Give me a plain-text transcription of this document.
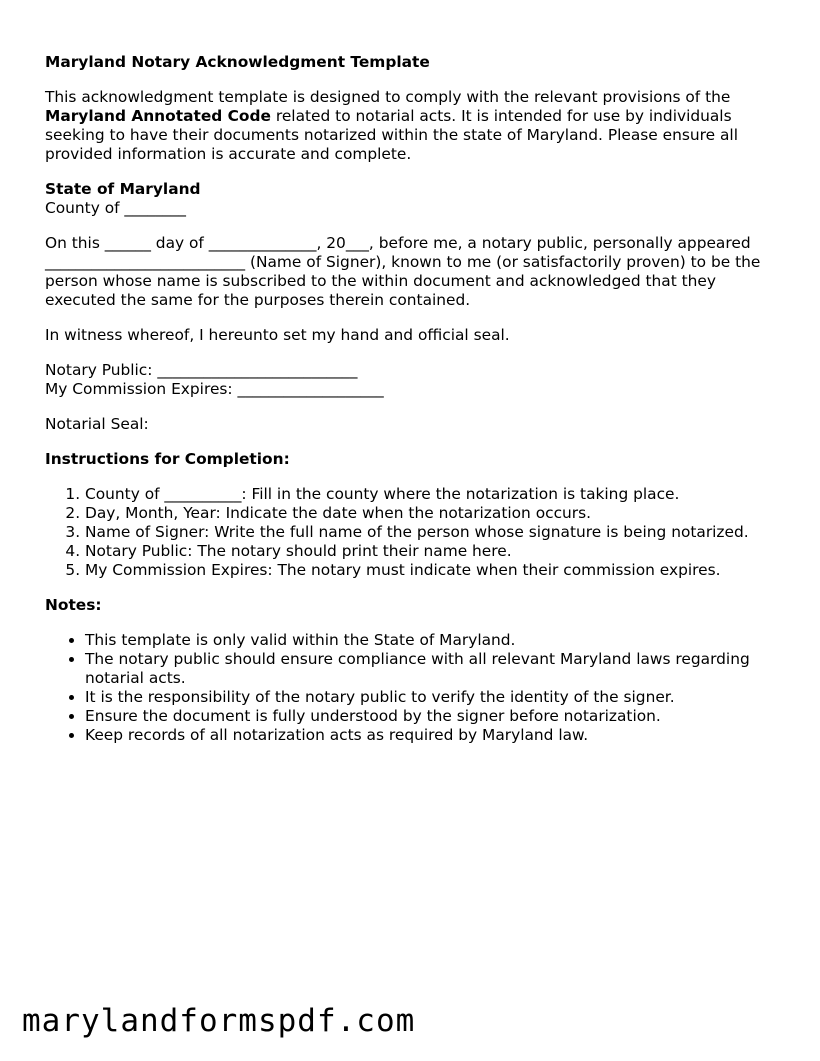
Maryland Notary Acknowledgment Template

This acknowledgment template is designed to comply with the relevant provisions of the Maryland Annotated Code related to notarial acts. It is intended for use by individuals seeking to have their documents notarized within the state of Maryland. Please ensure all provided information is accurate and complete.

State of Maryland
County of ________

On this ______ day of ______________, 20___, before me, a notary public, personally appeared __________________________ (Name of Signer), known to me (or satisfactorily proven) to be the person whose name is subscribed to the within document and acknowledged that they executed the same for the purposes therein contained.

In witness whereof, I hereunto set my hand and official seal.

Notary Public: __________________________
My Commission Expires: ___________________

Notarial Seal:

Instructions for Completion:

1. County of __________: Fill in the county where the notarization is taking place.
2. Day, Month, Year: Indicate the date when the notarization occurs.
3. Name of Signer: Write the full name of the person whose signature is being notarized.
4. Notary Public: The notary should print their name here.
5. My Commission Expires: The notary must indicate when their commission expires.

Notes:

• This template is only valid within the State of Maryland.
• The notary public should ensure compliance with all relevant Maryland laws regarding notarial acts.
• It is the responsibility of the notary public to verify the identity of the signer.
• Ensure the document is fully understood by the signer before notarization.
• Keep records of all notarization acts as required by Maryland law.
marylandformspdf.com
